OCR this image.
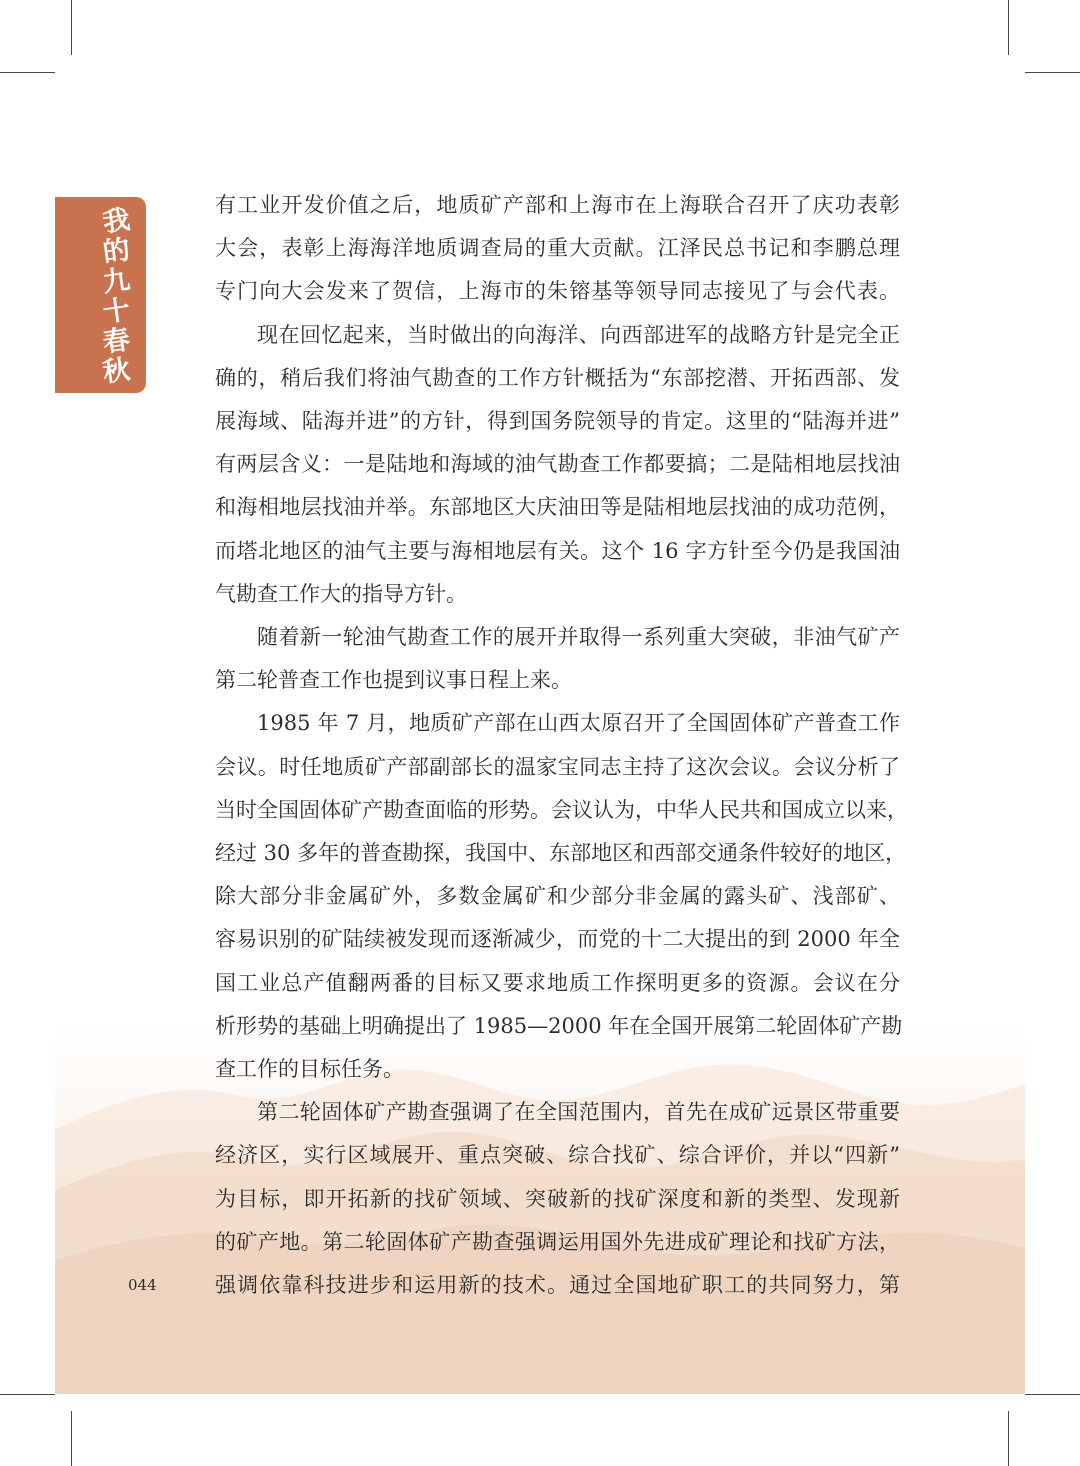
我
的
九
十
春
秋
有工业开发价值之后，地质矿产部和上海市在上海联合召开了庆功表彰
大会，表彰上海海洋地质调查局的重大贡献。江泽民总书记和李鹏总理
专门向大会发来了贺信，上海市的朱镕基等领导同志接见了与会代表。
现在回忆起来，当时做出的向海洋、向西部进军的战略方针是完全正
确的，稍后我们将油气勘查的工作方针概括为“东部挖潜、开拓西部、发
展海域、陆海并进”的方针，得到国务院领导的肯定。这里的“陆海并进”
有两层含义：一是陆地和海域的油气勘查工作都要搞；二是陆相地层找油
和海相地层找油并举。东部地区大庆油田等是陆相地层找油的成功范例，
而塔北地区的油气主要与海相地层有关。这个 16 字方针至今仍是我国油
气勘查工作大的指导方针。
随着新一轮油气勘查工作的展开并取得一系列重大突破，非油气矿产
第二轮普查工作也提到议事日程上来。
1985 年 7 月，地质矿产部在山西太原召开了全国固体矿产普查工作
会议。时任地质矿产部副部长的温家宝同志主持了这次会议。会议分析了
当时全国固体矿产勘查面临的形势。会议认为，中华人民共和国成立以来，
经过 30 多年的普查勘探，我国中、东部地区和西部交通条件较好的地区，
除大部分非金属矿外，多数金属矿和少部分非金属的露头矿、浅部矿、
容易识别的矿陆续被发现而逐渐减少，而党的十二大提出的到 2000 年全
国工业总产值翻两番的目标又要求地质工作探明更多的资源。会议在分
析形势的基础上明确提出了 1985—2000 年在全国开展第二轮固体矿产勘
查工作的目标任务。
第二轮固体矿产勘查强调了在全国范围内，首先在成矿远景区带重要
经济区，实行区域展开、重点突破、综合找矿、综合评价，并以“四新”
为目标，即开拓新的找矿领域、突破新的找矿深度和新的类型、发现新
的矿产地。第二轮固体矿产勘查强调运用国外先进成矿理论和找矿方法，
强调依靠科技进步和运用新的技术。通过全国地矿职工的共同努力，第
044
